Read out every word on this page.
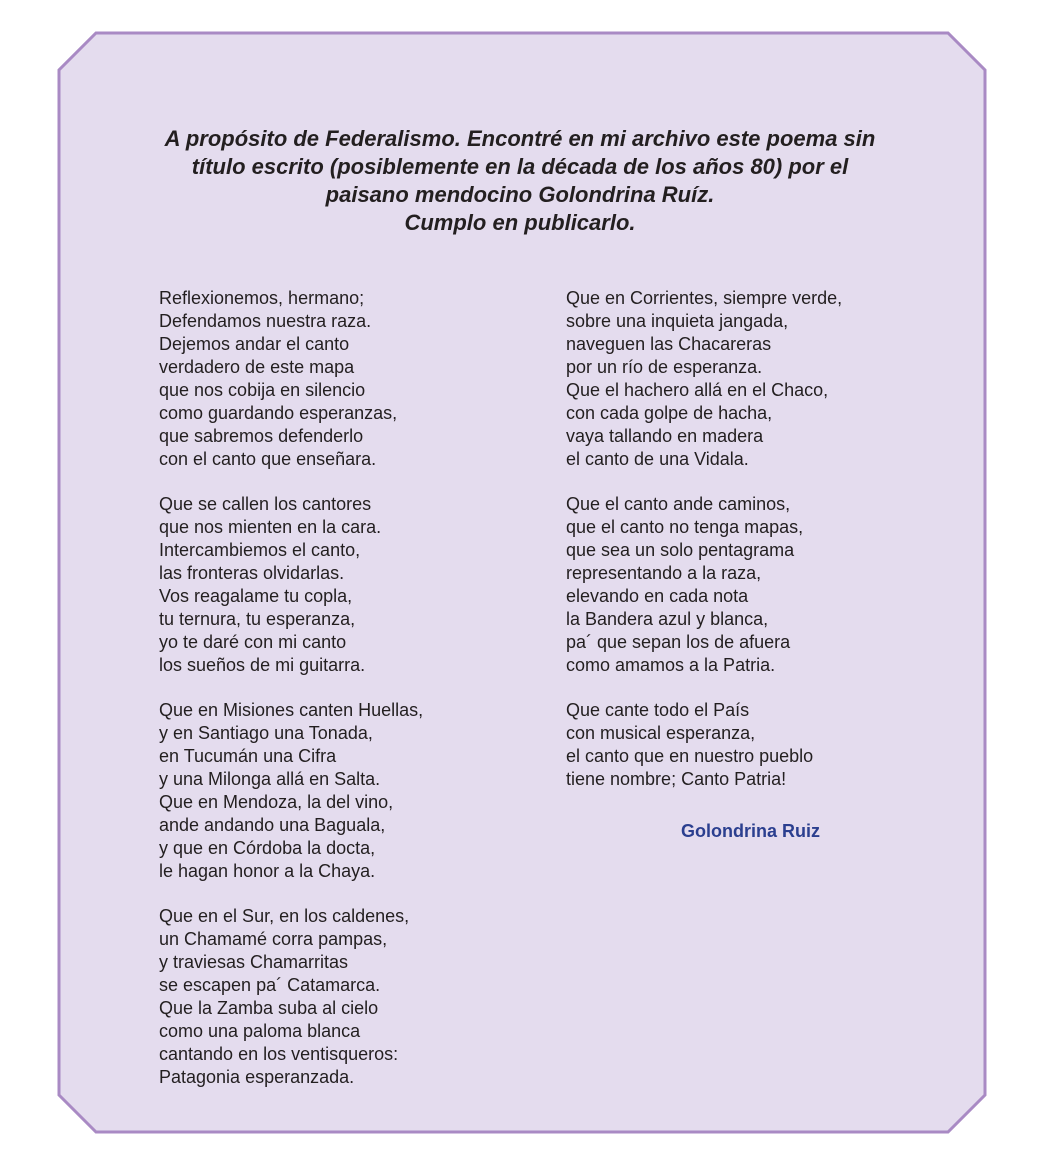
A propósito de Federalismo. Encontré en mi archivo este poema sin
título escrito (posiblemente en la década de los años 80) por el
paisano mendocino Golondrina Ruíz.
Cumplo en publicarlo.
Reflexionemos, hermano;
Defendamos nuestra raza.
Dejemos andar el canto
verdadero de este mapa
que nos cobija en silencio
como guardando esperanzas,
que sabremos defenderlo
con el canto que enseñara.
Que se callen los cantores
que nos mienten en la cara.
Intercambiemos el canto,
las fronteras olvidarlas.
Vos reagalame tu copla,
tu ternura, tu esperanza,
yo te daré con mi canto
los sueños de mi guitarra.
Que en Misiones canten Huellas,
y en Santiago una Tonada,
en Tucumán una Cifra
y una Milonga allá en Salta.
Que en Mendoza, la del vino,
ande andando una Baguala,
y que en Córdoba la docta,
le hagan honor a la Chaya.
Que en el Sur, en los caldenes,
un Chamamé corra pampas,
y traviesas Chamarritas
se escapen pa´ Catamarca.
Que la Zamba suba al cielo
como una paloma blanca
cantando en los ventisqueros:
Patagonia esperanzada.
Que en Corrientes, siempre verde,
sobre una inquieta jangada,
naveguen las Chacareras
por un río de esperanza.
Que el hachero allá en el Chaco,
con cada golpe de hacha,
vaya tallando en madera
el canto de una Vidala.
Que el canto ande caminos,
que el canto no tenga mapas,
que sea un solo pentagrama
representando a la raza,
elevando en cada nota
la Bandera azul y blanca,
pa´ que sepan los de afuera
como amamos a la Patria.
Que cante todo el País
con musical esperanza,
el canto que en nuestro pueblo
tiene nombre; Canto Patria!
Golondrina Ruiz
